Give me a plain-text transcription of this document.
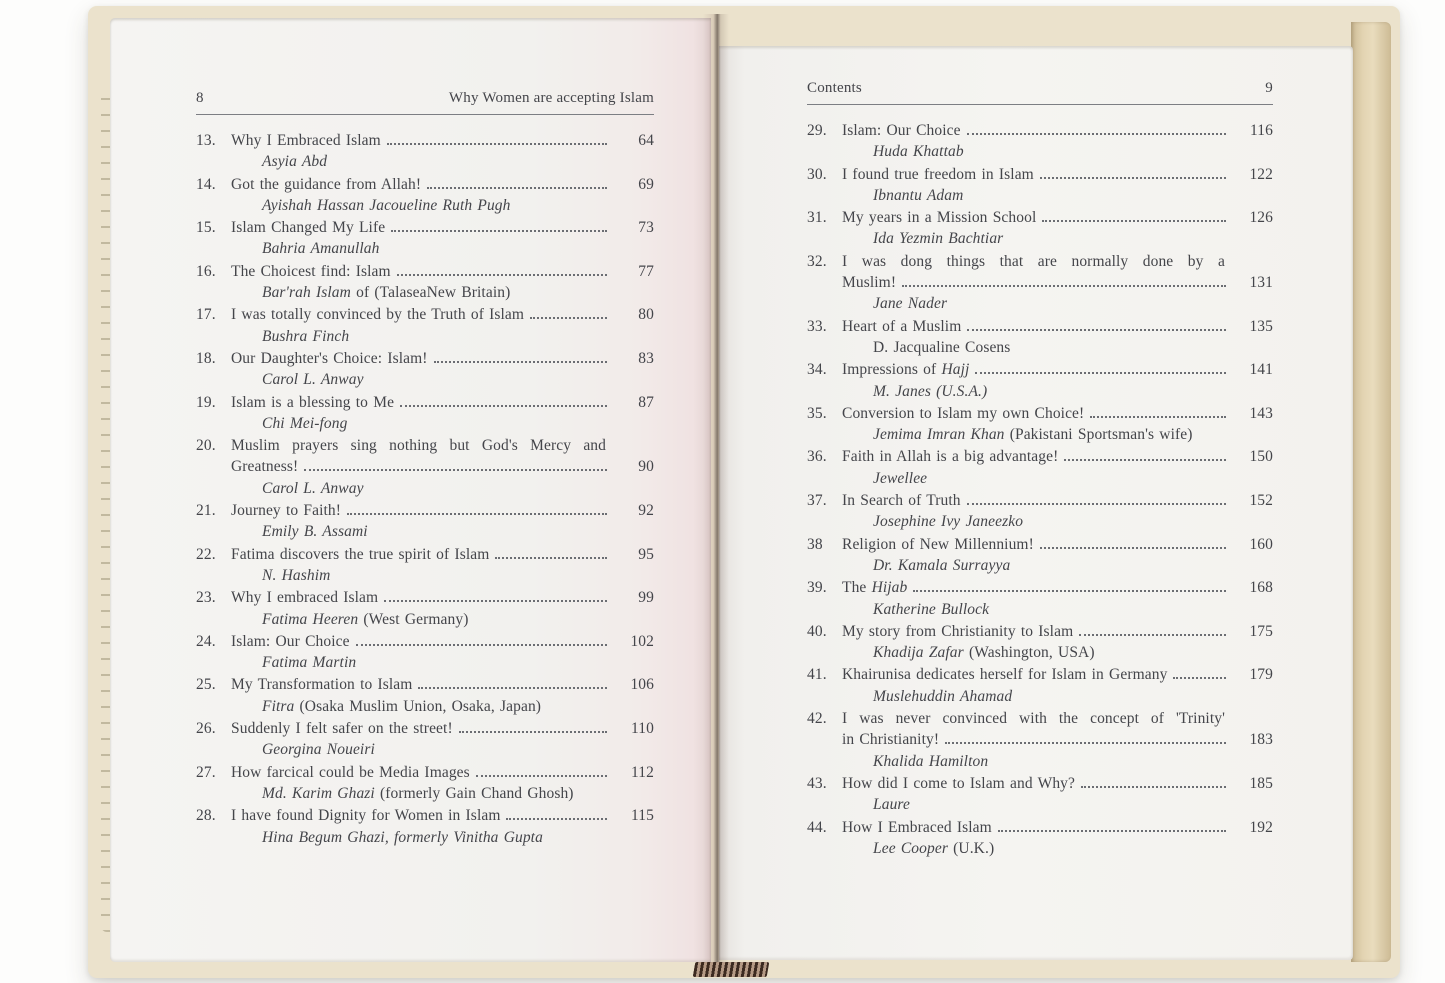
8	Why Women are accepting Islam
13. Why I Embraced Islam	64
Asyia Abd
14. Got the guidance from Allah!	69
Ayishah Hassan Jacoueline Ruth Pugh
15. Islam Changed My Life	73
Bahria Amanullah
16. The Choicest find: Islam	77
Bar'rah Islam of (TalaseaNew Britain)
17. I was totally convinced by the Truth of Islam	80
Bushra Finch
18. Our Daughter's Choice: Islam!	83
Carol L. Anway
19. Islam is a blessing to Me	87
Chi Mei-fong
20. Muslim prayers sing nothing but God's Mercy and
Greatness!	90
Carol L. Anway
21. Journey to Faith!	92
Emily B. Assami
22. Fatima discovers the true spirit of Islam	95
N. Hashim
23. Why I embraced Islam	99
Fatima Heeren (West Germany)
24. Islam: Our Choice	102
Fatima Martin
25. My Transformation to Islam	106
Fitra (Osaka Muslim Union, Osaka, Japan)
26. Suddenly I felt safer on the street!	110
Georgina Noueiri
27. How farcical could be Media Images	112
Md. Karim Ghazi (formerly Gain Chand Ghosh)
28. I have found Dignity for Women in Islam	115
Hina Begum Ghazi, formerly Vinitha Gupta
Contents	9
29. Islam: Our Choice	116
Huda Khattab
30. I found true freedom in Islam	122
Ibnantu Adam
31. My years in a Mission School	126
Ida Yezmin Bachtiar
32. I was dong things that are normally done by a
Muslim!	131
Jane Nader
33. Heart of a Muslim	135
D. Jacqualine Cosens
34. Impressions of Hajj	141
M. Janes (U.S.A.)
35. Conversion to Islam my own Choice!	143
Jemima Imran Khan (Pakistani Sportsman's wife)
36. Faith in Allah is a big advantage!	150
Jewellee
37. In Search of Truth	152
Josephine Ivy Janeezko
38	Religion of New Millennium!	160
Dr. Kamala Surrayya
39. The Hijab	168
Katherine Bullock
40. My story from Christianity to Islam	175
Khadija Zafar (Washington, USA)
41. Khairunisa dedicates herself for Islam in Germany	179
Muslehuddin Ahamad
42. I was never convinced with the concept of 'Trinity'
in Christianity!	183
Khalida Hamilton
43. How did I come to Islam and Why?	185
Laure
44. How I Embraced Islam	192
Lee Cooper (U.K.)
